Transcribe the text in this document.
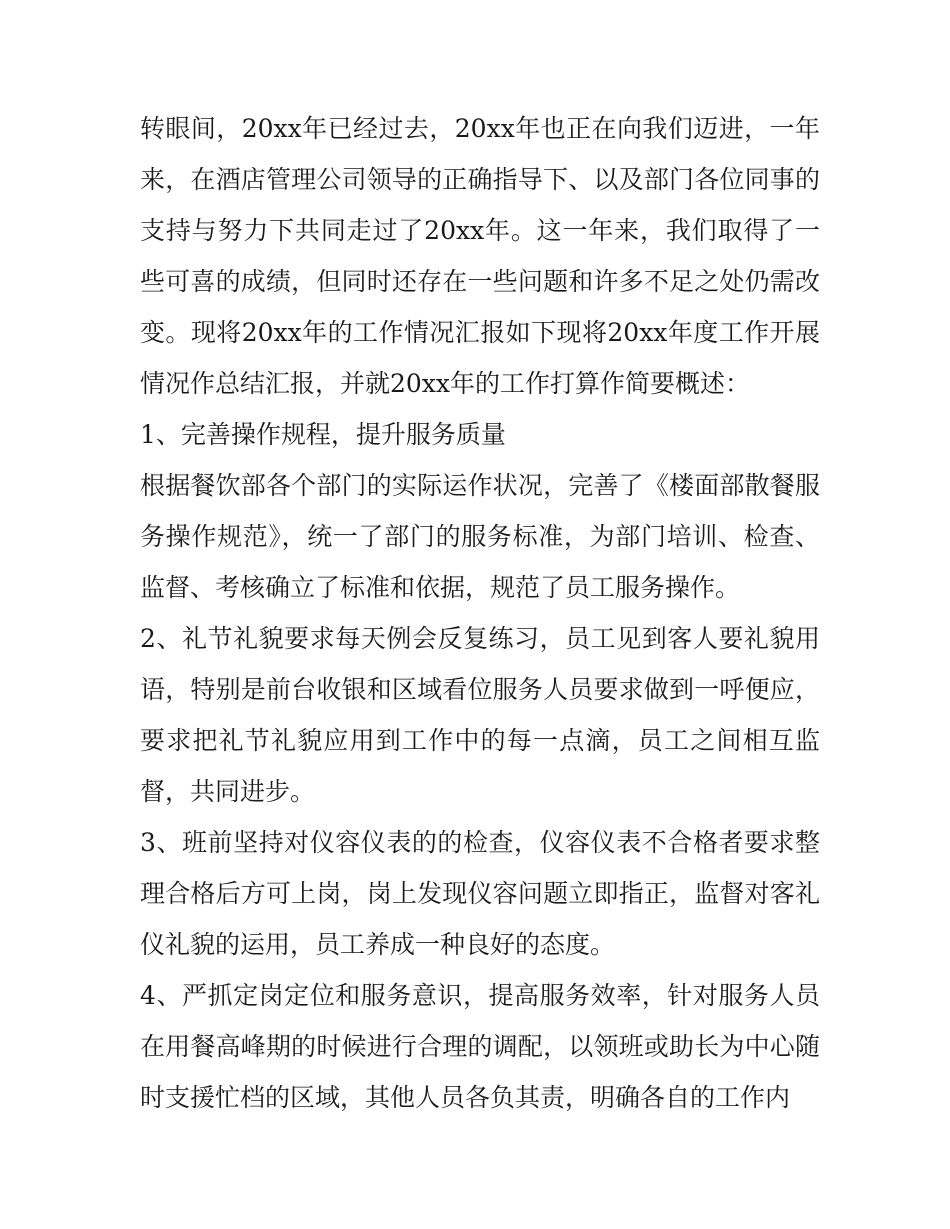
转眼间，20xx年已经过去，20xx年也正在向我们迈进，一年来，在酒店管理公司领导的正确指导下、以及部门各位同事的支持与努力下共同走过了20xx年。这一年来，我们取得了一些可喜的成绩，但同时还存在一些问题和许多不足之处仍需改变。现将20xx年的工作情况汇报如下现将20xx年度工作开展情况作总结汇报，并就20xx年的工作打算作简要概述：

1、完善操作规程，提升服务质量

根据餐饮部各个部门的实际运作状况，完善了《楼面部散餐服务操作规范》，统一了部门的服务标准，为部门培训、检查、监督、考核确立了标准和依据，规范了员工服务操作。

2、礼节礼貌要求每天例会反复练习，员工见到客人要礼貌用语，特别是前台收银和区域看位服务人员要求做到一呼便应，要求把礼节礼貌应用到工作中的每一点滴，员工之间相互监督，共同进步。

3、班前坚持对仪容仪表的的检查，仪容仪表不合格者要求整理合格后方可上岗，岗上发现仪容问题立即指正，监督对客礼仪礼貌的运用，员工养成一种良好的态度。

4、严抓定岗定位和服务意识，提高服务效率，针对服务人员在用餐高峰期的时候进行合理的调配，以领班或助长为中心随时支援忙档的区域，其他人员各负其责，明确各自的工作内
